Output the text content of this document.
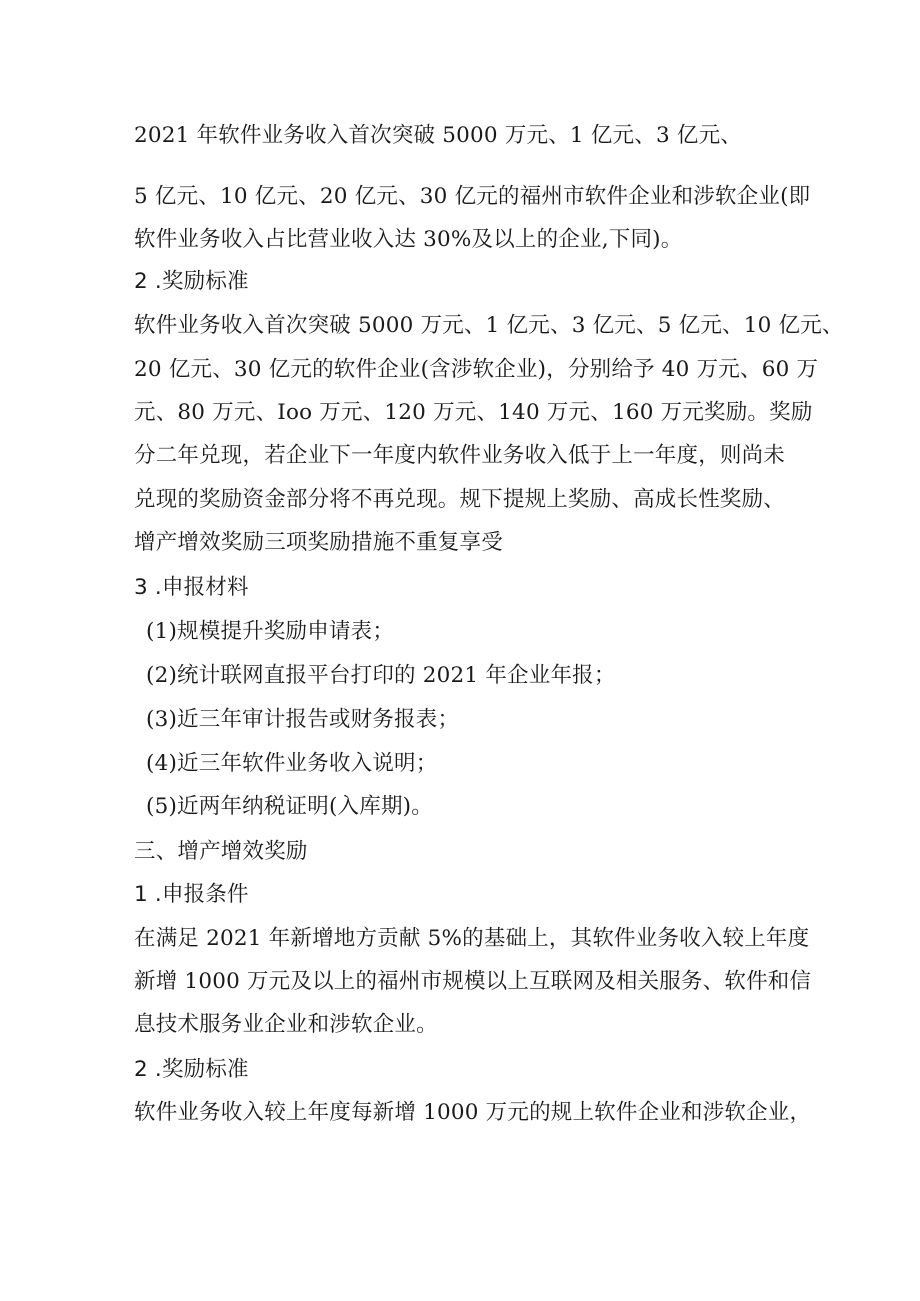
2021 年软件业务收入首次突破 5000 万元、1 亿元、3 亿元、
5 亿元、10 亿元、20 亿元、30 亿元的福州市软件企业和涉软企业(即
软件业务收入占比营业收入达 30%及以上的企业,下同)。
2 .奖励标准
软件业务收入首次突破 5000 万元、1 亿元、3 亿元、5 亿元、10 亿元、
20 亿元、30 亿元的软件企业(含涉软企业)，分别给予 40 万元、60 万
元、80 万元、Ioo 万元、120 万元、140 万元、160 万元奖励。奖励
分二年兑现，若企业下一年度内软件业务收入低于上一年度，则尚未
兑现的奖励资金部分将不再兑现。规下提规上奖励、高成长性奖励、
增产增效奖励三项奖励措施不重复享受
3 .申报材料
(1)规模提升奖励申请表；
(2)统计联网直报平台打印的 2021 年企业年报；
(3)近三年审计报告或财务报表；
(4)近三年软件业务收入说明；
(5)近两年纳税证明(入库期)。
三、增产增效奖励
1 .申报条件
在满足 2021 年新增地方贡献 5%的基础上，其软件业务收入较上年度
新增 1000 万元及以上的福州市规模以上互联网及相关服务、软件和信
息技术服务业企业和涉软企业。
2 .奖励标准
软件业务收入较上年度每新增 1000 万元的规上软件企业和涉软企业，
